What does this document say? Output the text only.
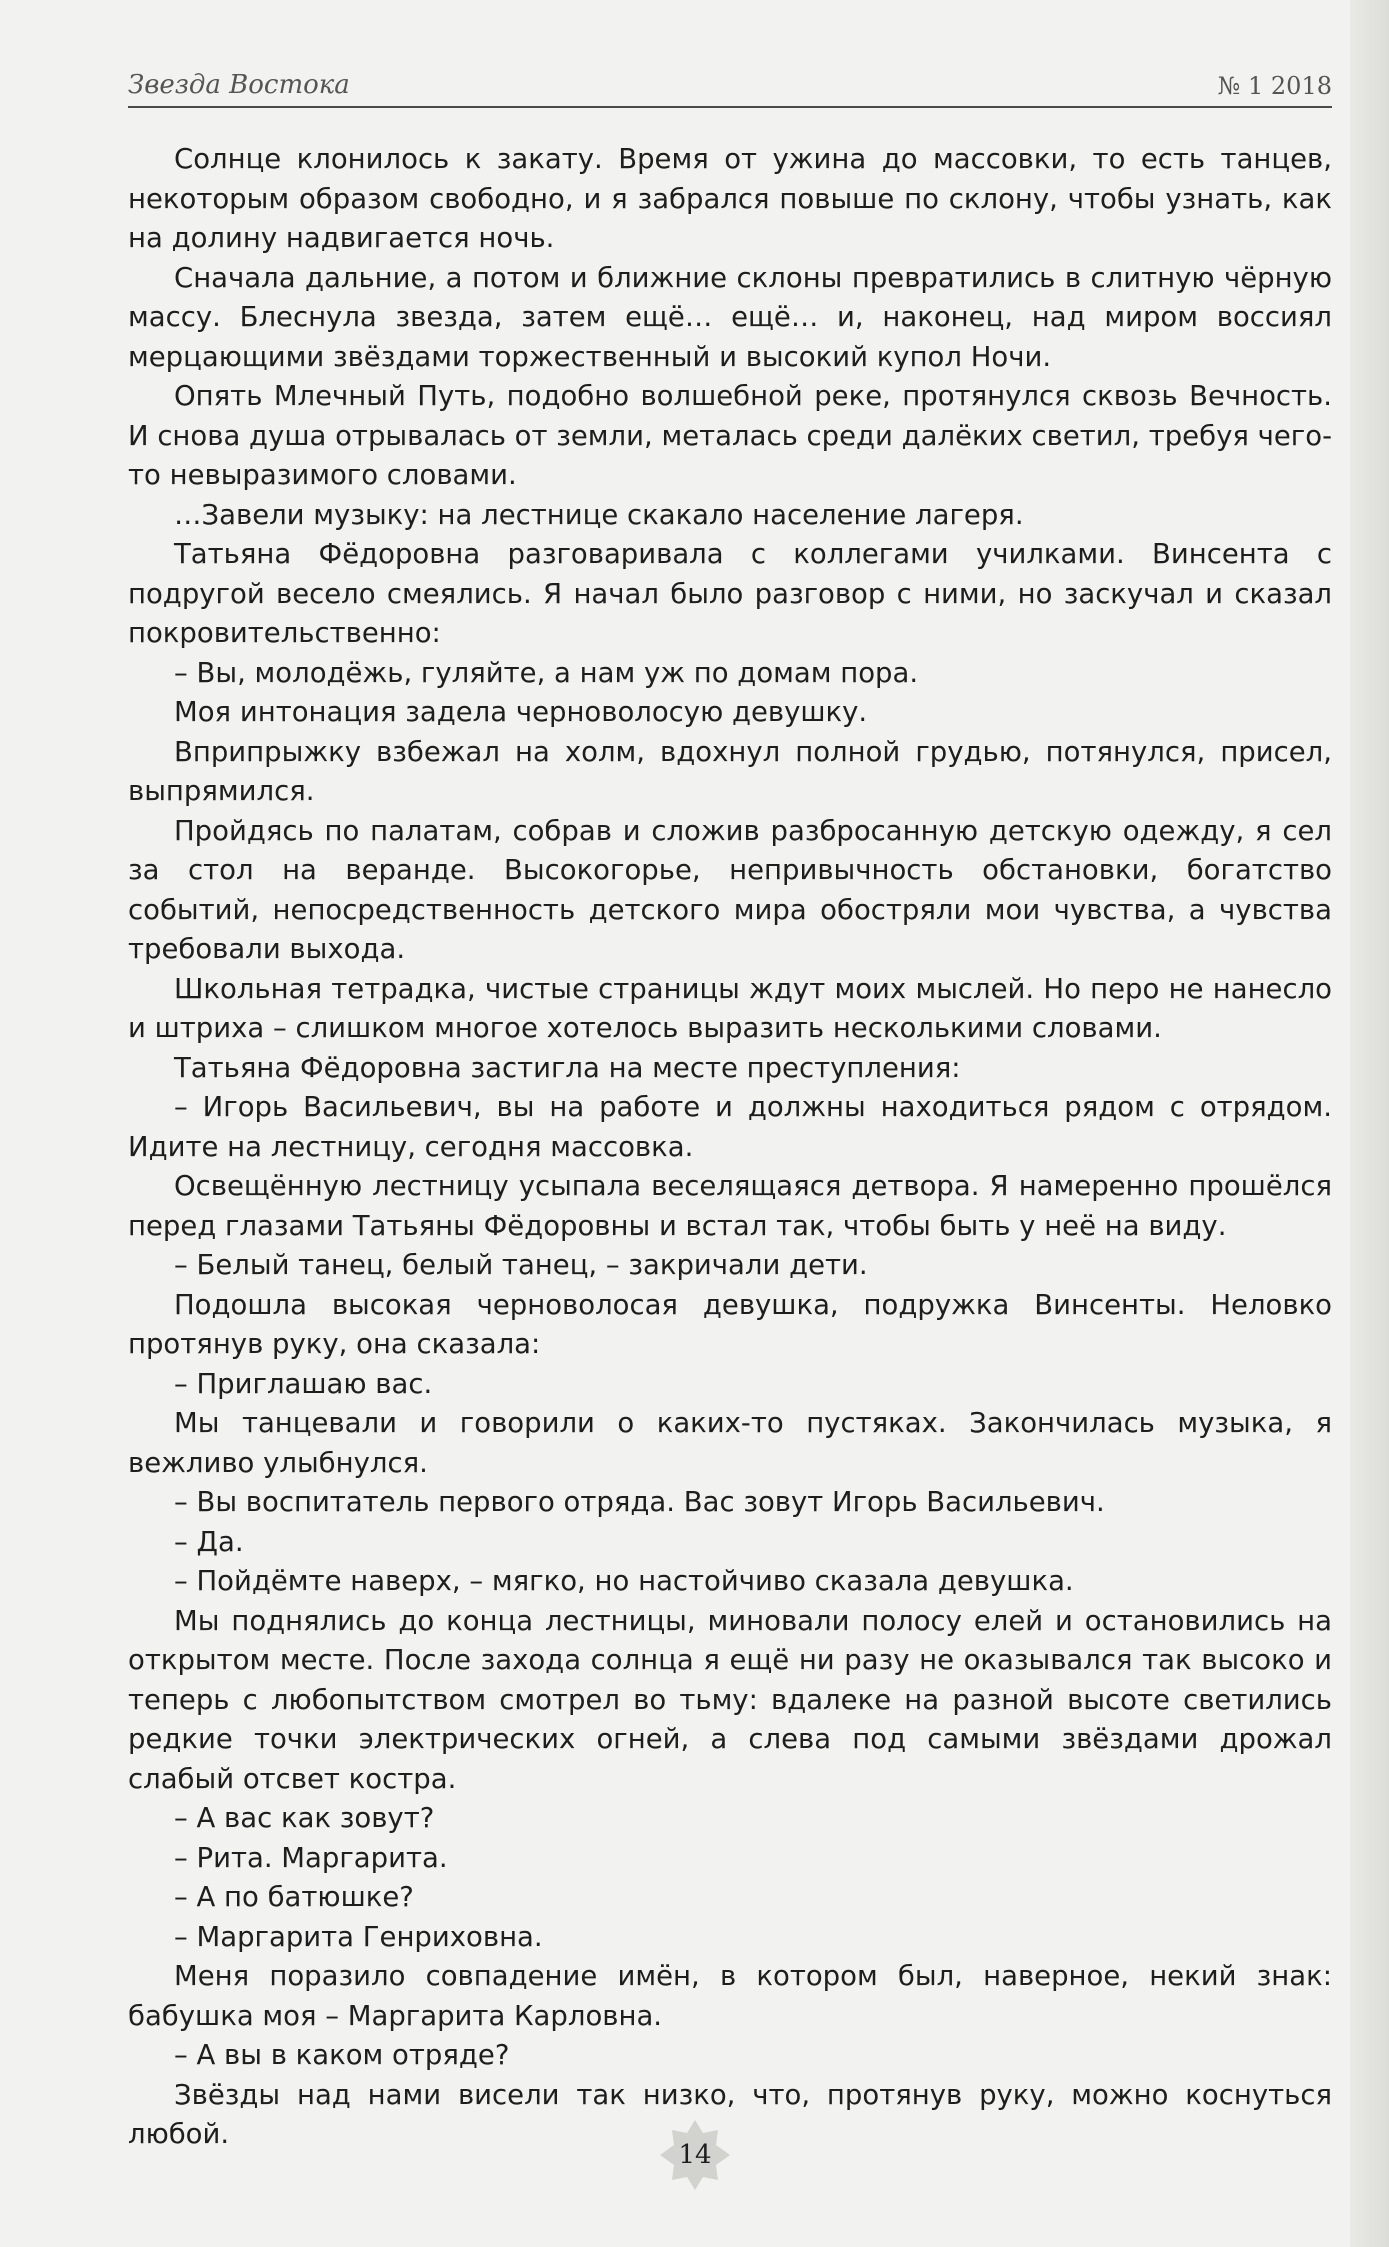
Звезда Востока	№ 1 2018

Солнце клонилось к закату. Время от ужина до массовки, то есть танцев, некоторым образом свободно, и я забрался повыше по склону, чтобы узнать, как на долину надвигается ночь.

Сначала дальние, а потом и ближние склоны превратились в слитную чёрную массу. Блеснула звезда, затем ещё… ещё… и, наконец, над миром воссиял мерцающими звёздами торжественный и высокий купол Ночи.

Опять Млечный Путь, подобно волшебной реке, протянулся сквозь Вечность. И снова душа отрывалась от земли, металась среди далёких светил, требуя чего-то невыразимого словами.

…Завели музыку: на лестнице скакало население лагеря.

Татьяна Фёдоровна разговаривала с коллегами училками. Винсента с подругой весело смеялись. Я начал было разговор с ними, но заскучал и сказал покровительственно:

– Вы, молодёжь, гуляйте, а нам уж по домам пора.

Моя интонация задела черноволосую девушку.

Вприпрыжку взбежал на холм, вдохнул полной грудью, потянулся, присел, выпрямился.

Пройдясь по палатам, собрав и сложив разбросанную детскую одежду, я сел за стол на веранде. Высокогорье, непривычность обстановки, богатство событий, непосредственность детского мира обостряли мои чувства, а чувства требовали выхода.

Школьная тетрадка, чистые страницы ждут моих мыслей. Но перо не нанесло и штриха – слишком многое хотелось выразить несколькими словами.

Татьяна Фёдоровна застигла на месте преступления:

– Игорь Васильевич, вы на работе и должны находиться рядом с отрядом. Идите на лестницу, сегодня массовка.

Освещённую лестницу усыпала веселящаяся детвора. Я намеренно прошёлся перед глазами Татьяны Фёдоровны и встал так, чтобы быть у неё на виду.

– Белый танец, белый танец, – закричали дети.

Подошла высокая черноволосая девушка, подружка Винсенты. Неловко протянув руку, она сказала:

– Приглашаю вас.

Мы танцевали и говорили о каких-то пустяках. Закончилась музыка, я вежливо улыбнулся.

– Вы воспитатель первого отряда. Вас зовут Игорь Васильевич.

– Да.

– Пойдёмте наверх, – мягко, но настойчиво сказала девушка.

Мы поднялись до конца лестницы, миновали полосу елей и остановились на открытом месте. После захода солнца я ещё ни разу не оказывался так высоко и теперь с любопытством смотрел во тьму: вдалеке на разной высоте светились редкие точки электрических огней, а слева под самыми звёздами дрожал слабый отсвет костра.

– А вас как зовут?

– Рита. Маргарита.

– А по батюшке?

– Маргарита Генриховна.

Меня поразило совпадение имён, в котором был, наверное, некий знак: бабушка моя – Маргарита Карловна.

– А вы в каком отряде?

Звёзды над нами висели так низко, что, протянув руку, можно коснуться любой.

14
